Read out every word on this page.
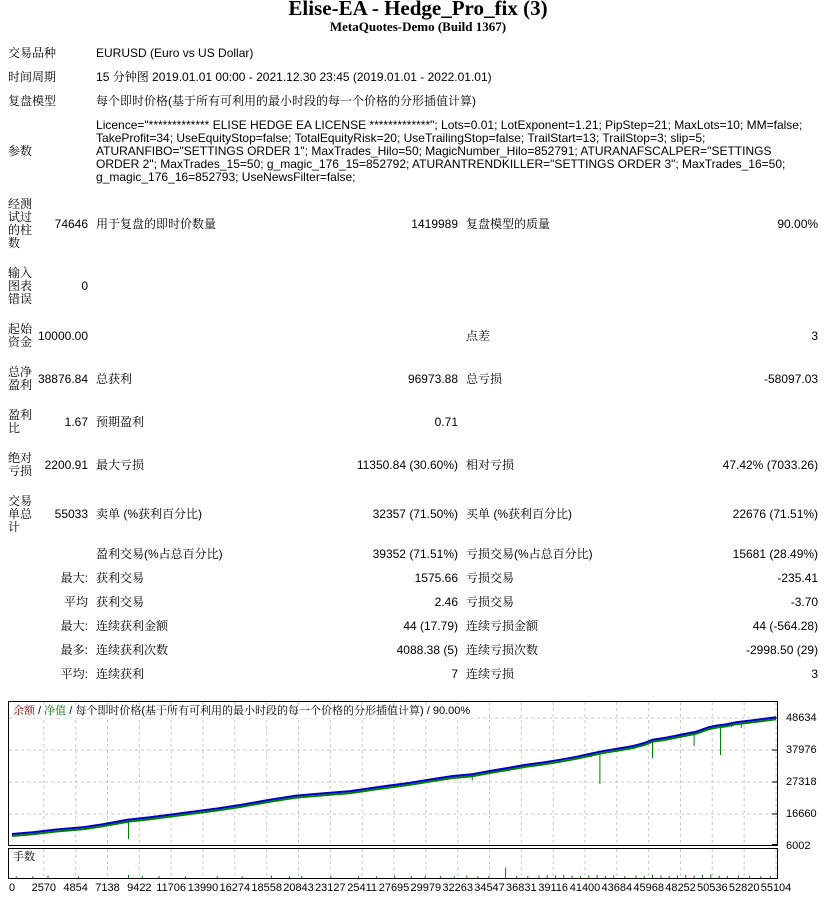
Elise-EA - Hedge_Pro_fix (3)
MetaQuotes-Demo (Build 1367)
交易品种		EURUSD (Euro vs US Dollar)			
时间周期		15 分钟图 2019.01.01 00:00 - 2021.12.30 23:45 (2019.01.01 - 2022.01.01)			
复盘模型		每个即时价格(基于所有可利用的最小时段的每一个价格的分形插值计算)			
参数		Licence="************* ELISE HEDGE EA LICENSE *************"; Lots=0.01; LotExponent=1.21; PipStep=21; MaxLots=10; MM=false; TakeProfit=34; UseEquityStop=false; TotalEquityRisk=20; UseTrailingStop=false; TrailStart=13; TrailStop=3; slip=5; ATURANFIBO="SETTINGS ORDER 1"; MaxTrades_Hilo=50; MagicNumber_Hilo=852791; ATURANAFSCALPER="SETTINGS ORDER 2"; MaxTrades_15=50; g_magic_176_15=852792; ATURANTRENDKILLER="SETTINGS ORDER 3"; MaxTrades_16=50; g_magic_176_16=852793; UseNewsFilter=false;			
经测试过的柱数	74646	用于复盘的即时价数量	1419989	复盘模型的质量	90.00%
输入图表错误	0				
起始资金	10000.00			点差	3
总净盈利	38876.84	总获利	96973.88	总亏损	-58097.03
盈利比	1.67	预期盈利	0.71		
绝对亏损	2200.91	最大亏损	11350.84 (30.60%)	相对亏损	47.42% (7033.26)
交易单总计	55033	卖单 (%获利百分比)	32357 (71.50%)	买单 (%获利百分比)	22676 (71.51%)
		盈利交易(%占总百分比)	39352 (71.51%)	亏损交易(%占总百分比)	15681 (28.49%)
	最大:	获利交易	1575.66	亏损交易	-235.41
	平均	获利交易	2.46	亏损交易	-3.70
	最大:	连续获利金额	44 (17.79)	连续亏损金额	44 (-564.28)
	最多:	连续获利次数	4088.38 (5)	连续亏损次数	-2998.50 (29)
	平均:	连续获利	7	连续亏损	3
余额 / 净值 / 每个即时价格(基于所有可利用的最小时段的每一个价格的分形插值计算) / 90.00%
手数
48634
37976
27318
16660
6002
0	2570 4854 7138 9422 11706 13990 16274 18558 20843 23127 25411 27695 29979 32263 34547 36831 39116 41400 43684 45968 48252 50536 52820 55104
